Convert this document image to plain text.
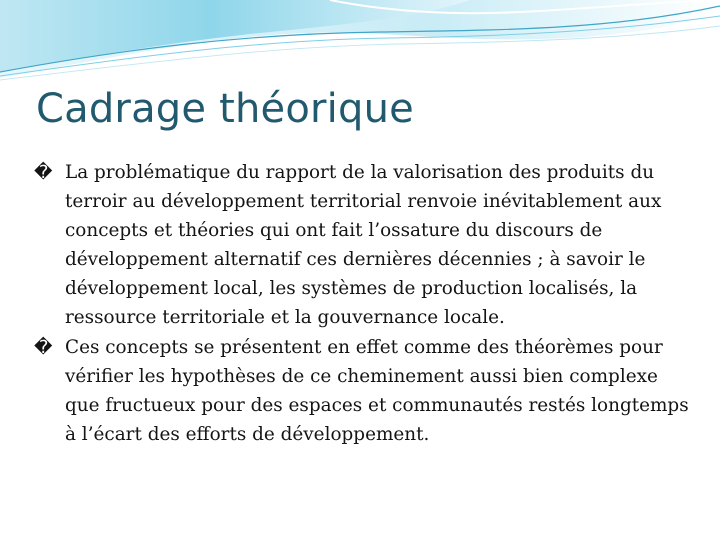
Cadrage théorique
� La problématique du rapport de la valorisation des produits du terroir au développement territorial renvoie inévitablement aux concepts et théories qui ont fait l’ossature du discours de développement alternatif ces dernières décennies ; à savoir le développement local, les systèmes de production localisés, la ressource territoriale et la gouvernance locale.
� Ces concepts se présentent en effet comme des théorèmes pour vérifier les hypothèses de ce cheminement aussi bien complexe que fructueux pour des espaces et communautés restés longtemps à l’écart des efforts de développement.
